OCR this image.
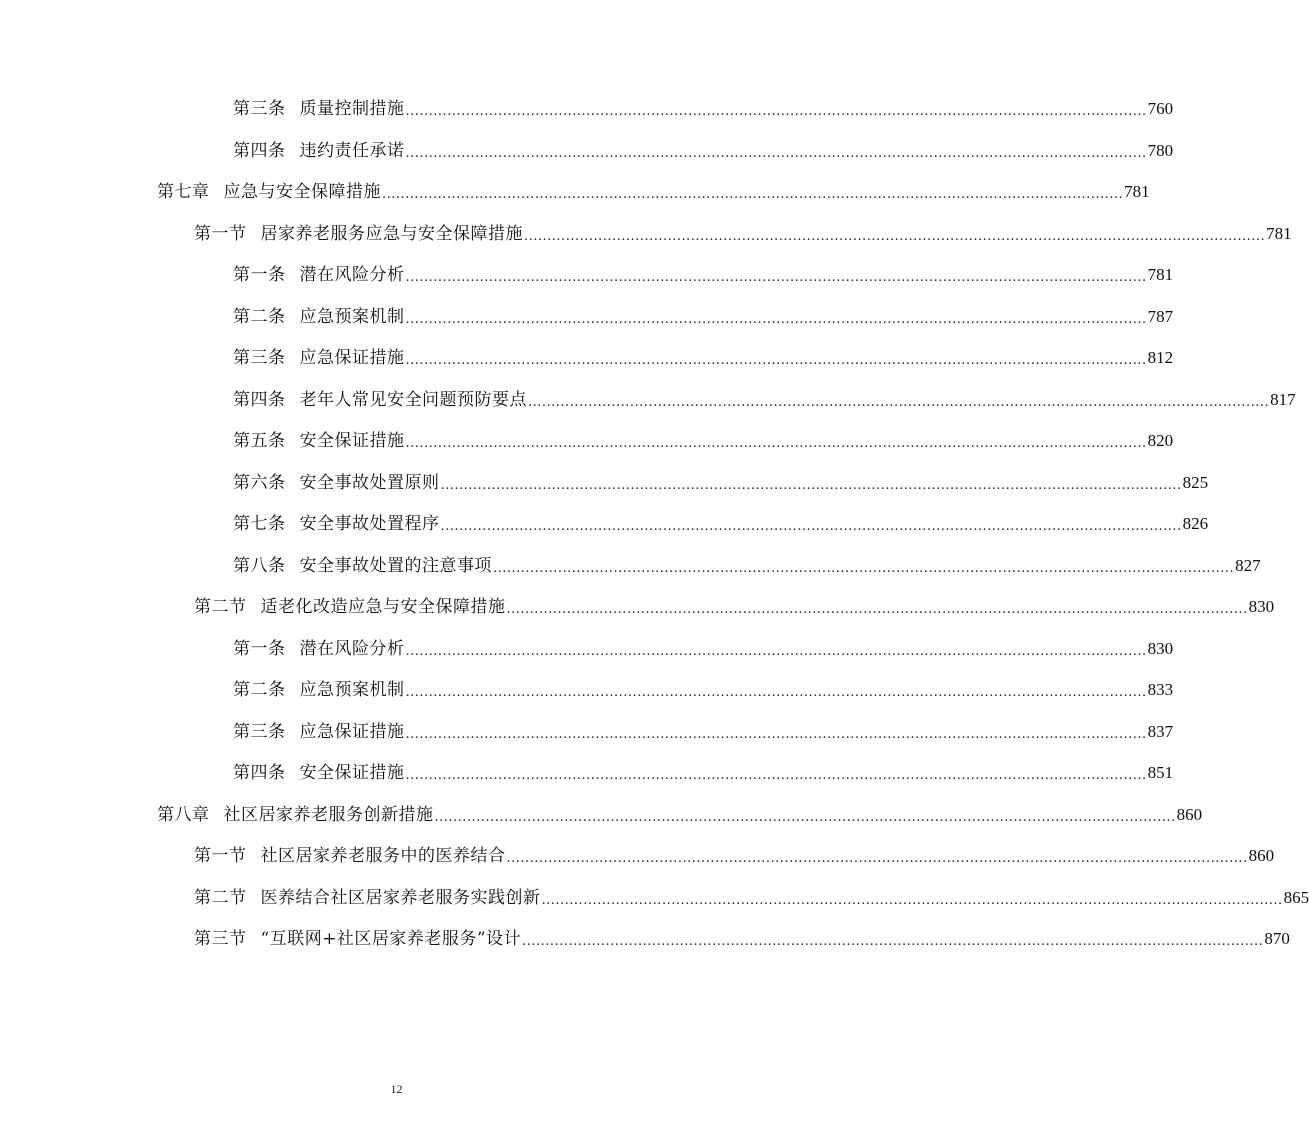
第三条 质量控制措施 ................................................................................................................................................................ 760
第四条 违约责任承诺 ................................................................................................................................................................ 780
第七章 应急与安全保障措施 ................................................................................................................................................................ 781
第一节 居家养老服务应急与安全保障措施 ................................................................................................................................................................ 781
第一条 潜在风险分析 ................................................................................................................................................................ 781
第二条 应急预案机制 ................................................................................................................................................................ 787
第三条 应急保证措施 ................................................................................................................................................................ 812
第四条 老年人常见安全问题预防要点 ................................................................................................................................................................ 817
第五条 安全保证措施 ................................................................................................................................................................ 820
第六条 安全事故处置原则 ................................................................................................................................................................ 825
第七条 安全事故处置程序 ................................................................................................................................................................ 826
第八条 安全事故处置的注意事项 ................................................................................................................................................................ 827
第二节 适老化改造应急与安全保障措施 ................................................................................................................................................................ 830
第一条 潜在风险分析 ................................................................................................................................................................ 830
第二条 应急预案机制 ................................................................................................................................................................ 833
第三条 应急保证措施 ................................................................................................................................................................ 837
第四条 安全保证措施 ................................................................................................................................................................ 851
第八章 社区居家养老服务创新措施 ................................................................................................................................................................ 860
第一节 社区居家养老服务中的医养结合 ................................................................................................................................................................ 860
第二节 医养结合社区居家养老服务实践创新 ................................................................................................................................................................ 865
第三节 “互联网+社区居家养老服务”设计 ................................................................................................................................................................ 870
12
